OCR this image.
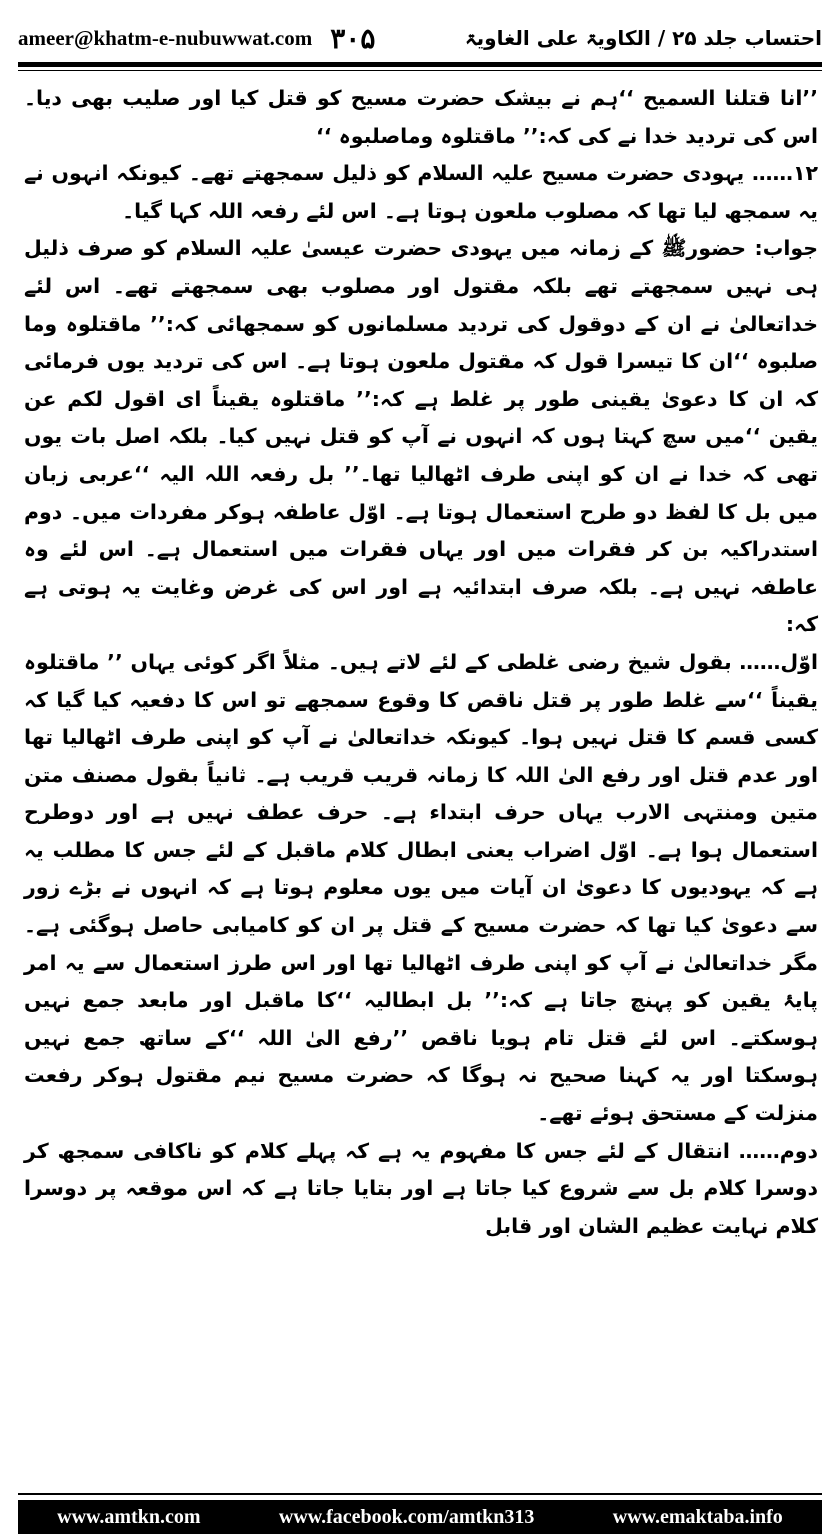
ameer@khatm-e-nubuwwat.com ۳۰۵	احتساب جلد ۲۵ / الکاویۃ علی الغاویۃ

’’انا قتلنا السمیح ‘‘ہم نے بیشک حضرت مسیح کو قتل کیا اور صلیب بھی دیا۔ اس کی تردید خدا نے کی کہ:’’ ماقتلوہ وماصلبوہ ‘‘

۱۲…… یہودی حضرت مسیح علیہ السلام کو ذلیل سمجھتے تھے۔ کیونکہ انہوں نے یہ سمجھ لیا تھا کہ مصلوب ملعون ہوتا ہے۔ اس لئے رفعہ اللہ کہا گیا۔

جواب: حضورﷺ کے زمانہ میں یہودی حضرت عیسیٰ علیہ السلام کو صرف ذلیل ہی نہیں سمجھتے تھے بلکہ مقتول اور مصلوب بھی سمجھتے تھے۔ اس لئے خداتعالیٰ نے ان کے دوقول کی تردید مسلمانوں کو سمجھائی کہ:’’ ماقتلوہ وما صلبوہ ‘‘ان کا تیسرا قول کہ مقتول ملعون ہوتا ہے۔ اس کی تردید یوں فرمائی کہ ان کا دعویٰ یقینی طور پر غلط ہے کہ:’’ ماقتلوہ یقیناً ای اقول لکم عن یقین ‘‘میں سچ کہتا ہوں کہ انہوں نے آپ کو قتل نہیں کیا۔ بلکہ اصل بات یوں تھی کہ خدا نے ان کو اپنی طرف اٹھالیا تھا۔’’ بل رفعہ اللہ الیہ ‘‘عربی زبان میں بل کا لفظ دو طرح استعمال ہوتا ہے۔ اوّل عاطفہ ہوکر مفردات میں۔ دوم استدراکیہ بن کر فقرات میں اور یہاں فقرات میں استعمال ہے۔ اس لئے وہ عاطفہ نہیں ہے۔ بلکہ صرف ابتدائیہ ہے اور اس کی غرض وغایت یہ ہوتی ہے کہ:

اوّل…… بقول شیخ رضی غلطی کے لئے لاتے ہیں۔ مثلاً اگر کوئی یہاں ’’ ماقتلوہ یقیناً ‘‘سے غلط طور پر قتل ناقص کا وقوع سمجھے تو اس کا دفعیہ کیا گیا کہ کسی قسم کا قتل نہیں ہوا۔ کیونکہ خداتعالیٰ نے آپ کو اپنی طرف اٹھالیا تھا اور عدم قتل اور رفع الیٰ اللہ کا زمانہ قریب قریب ہے۔ ثانیاً بقول مصنف متن متین ومنتہی الارب یہاں حرف ابتداء ہے۔ حرف عطف نہیں ہے اور دوطرح استعمال ہوا ہے۔ اوّل اضراب یعنی ابطال کلام ماقبل کے لئے جس کا مطلب یہ ہے کہ یہودیوں کا دعویٰ ان آیات میں یوں معلوم ہوتا ہے کہ انہوں نے بڑے زور سے دعویٰ کیا تھا کہ حضرت مسیح کے قتل پر ان کو کامیابی حاصل ہوگئی ہے۔ مگر خداتعالیٰ نے آپ کو اپنی طرف اٹھالیا تھا اور اس طرز استعمال سے یہ امر پایۂ یقین کو پہنچ جاتا ہے کہ:’’ بل ابطالیہ ‘‘کا ماقبل اور مابعد جمع نہیں ہوسکتے۔ اس لئے قتل تام ہویا ناقص ’’رفع الیٰ اللہ ‘‘کے ساتھ جمع نہیں ہوسکتا اور یہ کہنا صحیح نہ ہوگا کہ حضرت مسیح نیم مقتول ہوکر رفعت منزلت کے مستحق ہوئے تھے۔

دوم…… انتقال کے لئے جس کا مفہوم یہ ہے کہ پہلے کلام کو ناکافی سمجھ کر دوسرا کلام بل سے شروع کیا جاتا ہے اور بتایا جاتا ہے کہ اس موقعہ پر دوسرا کلام نہایت عظیم الشان اور قابل

www.amtkn.com	www.facebook.com/amtkn313	www.emaktaba.info
